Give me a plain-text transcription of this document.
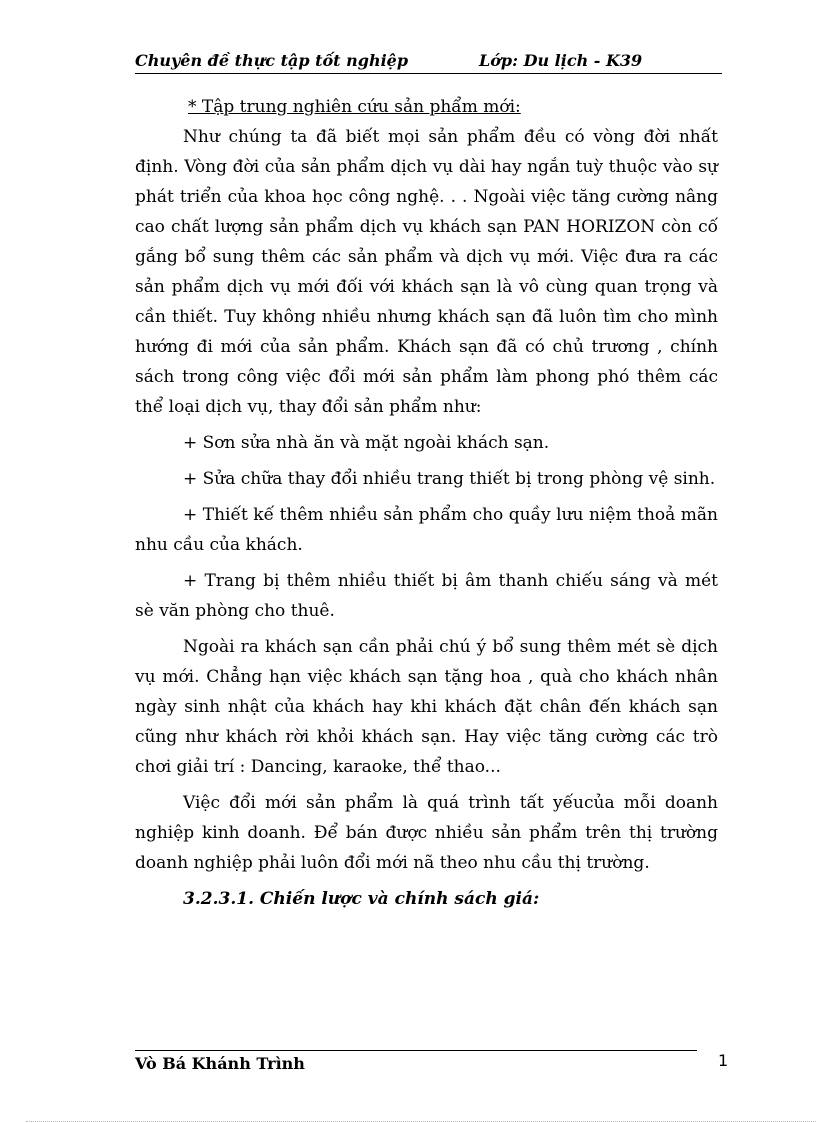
Chuyên đề thực tập tốt nghiệp	Lớp: Du lịch - K39

* Tập trung nghiên cứu sản phẩm mới:

Như chúng ta đã biết mọi sản phẩm đều có vòng đời nhất định. Vòng đời của sản phẩm dịch vụ dài hay ngắn tuỳ thuộc vào sự phát triển của khoa học công nghệ. . . Ngoài việc tăng cường nâng cao chất lượng sản phẩm dịch vụ khách sạn PAN HORIZON còn cố gắng bổ sung thêm các sản phẩm và dịch vụ mới. Việc đưa ra các sản phẩm dịch vụ mới đối với khách sạn là vô cùng quan trọng và cần thiết. Tuy không nhiều nhưng khách sạn đã luôn tìm cho mình hướng đi mới của sản phẩm. Khách sạn đã có chủ trương , chính sách trong công việc đổi mới sản phẩm làm phong phó thêm các thể loại dịch vụ, thay đổi sản phẩm như:

+ Sơn sửa nhà ăn và mặt ngoài khách sạn.

+ Sửa chữa thay đổi nhiều trang thiết bị trong phòng vệ sinh.

+ Thiết kế thêm nhiều sản phẩm cho quầy lưu niệm thoả mãn nhu cầu của khách.

+ Trang bị thêm nhiều thiết bị âm thanh chiếu sáng và mét sè văn phòng cho thuê.

Ngoài ra khách sạn cần phải chú ý bổ sung thêm mét sè dịch vụ mới. Chẳng hạn việc khách sạn tặng hoa , quà cho khách nhân ngày sinh nhật của khách hay khi khách đặt chân đến khách sạn cũng như khách rời khỏi khách sạn. Hay việc tăng cường các trò chơi giải trí : Dancing, karaoke, thể thao...

Việc đổi mới sản phẩm là quá trình tất yếucủa mỗi doanh nghiệp kinh doanh. Để bán được nhiều sản phẩm trên thị trường doanh nghiệp phải luôn đổi mới nã theo nhu cầu thị trường.

3.2.3.1. Chiến lược và chính sách giá:

Vò Bá Khánh Trình	1
